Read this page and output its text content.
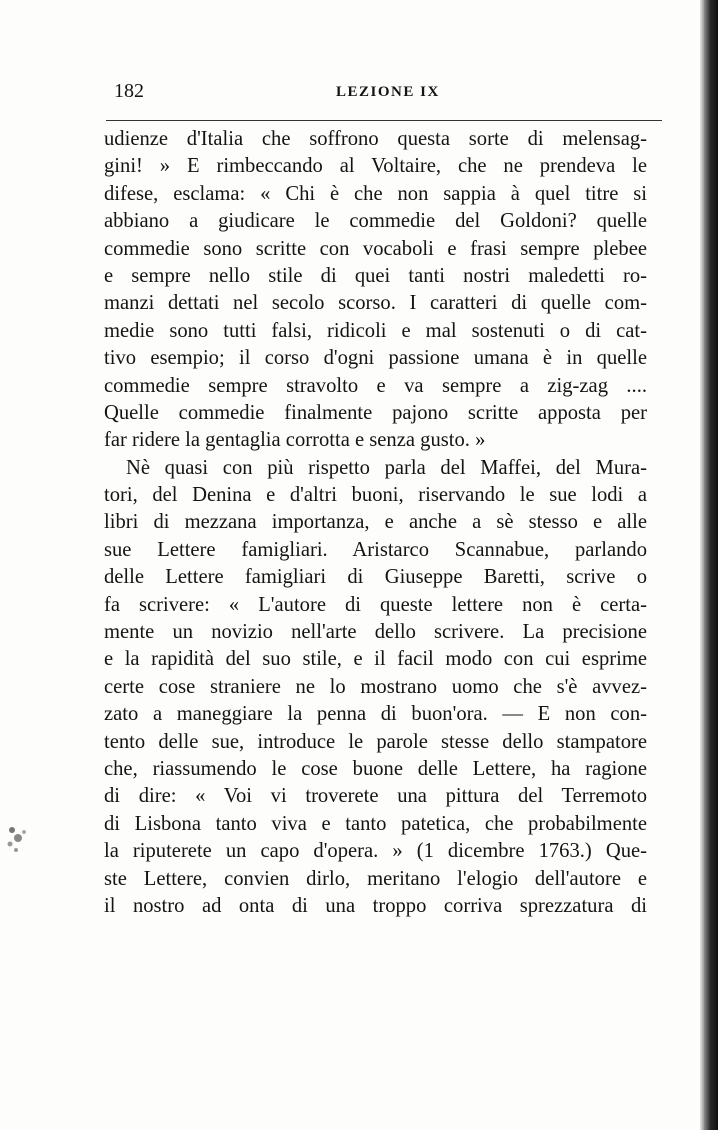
182	LEZIONE IX
udienze d'Italia che soffrono questa sorte di melensag-
gini! » E rimbeccando al Voltaire, che ne prendeva le
difese, esclama: « Chi è che non sappia à quel titre si
abbiano a giudicare le commedie del Goldoni? quelle
commedie sono scritte con vocaboli e frasi sempre plebee
e sempre nello stile di quei tanti nostri maledetti ro-
manzi dettati nel secolo scorso. I caratteri di quelle com-
medie sono tutti falsi, ridicoli e mal sostenuti o di cat-
tivo esempio; il corso d'ogni passione umana è in quelle
commedie sempre stravolto e va sempre a zig-zag ....
Quelle commedie finalmente pajono scritte apposta per
far ridere la gentaglia corrotta e senza gusto. »
Nè quasi con più rispetto parla del Maffei, del Mura-
tori, del Denina e d'altri buoni, riservando le sue lodi a
libri di mezzana importanza, e anche a sè stesso e alle
sue Lettere famigliari. Aristarco Scannabue, parlando
delle Lettere famigliari di Giuseppe Baretti, scrive o
fa scrivere: « L'autore di queste lettere non è certa-
mente un novizio nell'arte dello scrivere. La precisione
e la rapidità del suo stile, e il facil modo con cui esprime
certe cose straniere ne lo mostrano uomo che s'è avvez-
zato a maneggiare la penna di buon'ora. — E non con-
tento delle sue, introduce le parole stesse dello stampatore
che, riassumendo le cose buone delle Lettere, ha ragione
di dire: « Voi vi troverete una pittura del Terremoto
di Lisbona tanto viva e tanto patetica, che probabilmente
la riputerete un capo d'opera. » (1 dicembre 1763.) Que-
ste Lettere, convien dirlo, meritano l'elogio dell'autore e
il nostro ad onta di una troppo corriva sprezzatura di
